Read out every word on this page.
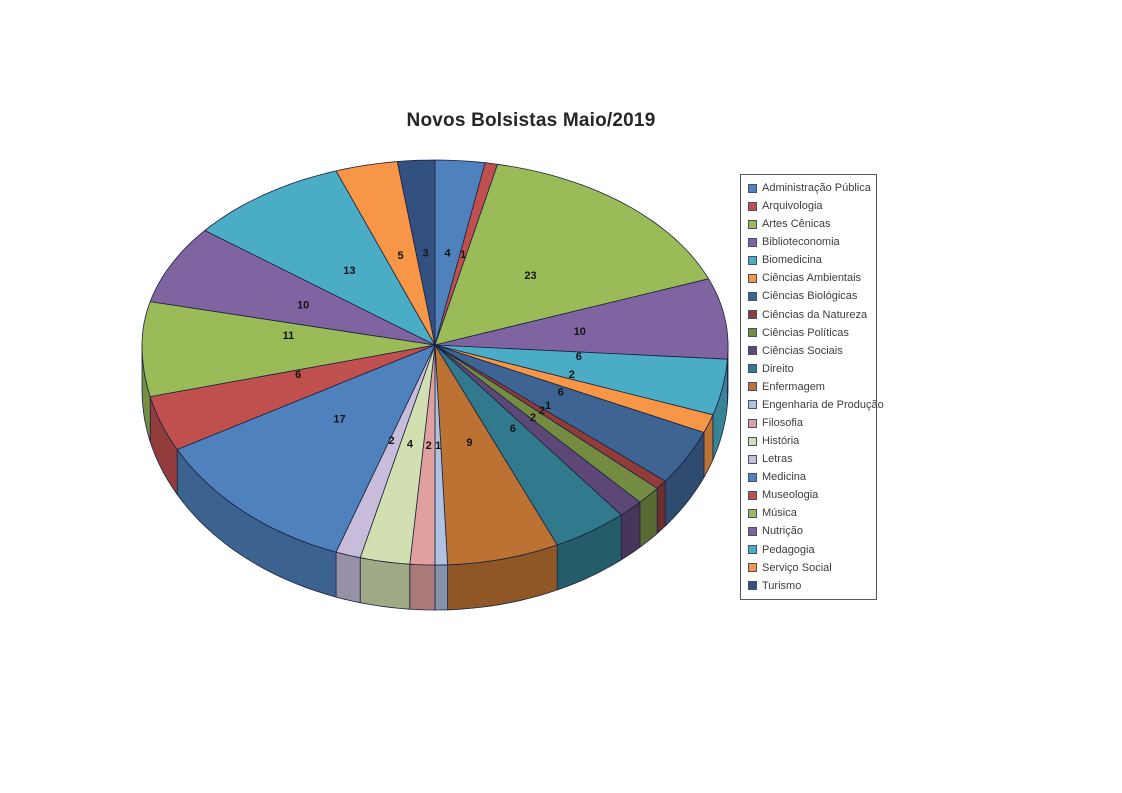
Novos Bolsistas Maio/2019
4 1
23
10
6
2
6
1
2
2
6
9
1
2
4
2
17
6
11
10
13
5 3
Administração Pública
Arquivologia
Artes Cênicas
Biblioteconomia
Biomedicina
Ciências Ambientais
Ciências Biológicas
Ciências da Natureza
Ciências Políticas
Ciências Sociais
Direito
Enfermagem
Engenharia de Produção
Filosofia
História
Letras
Medicina
Museologia
Música
Nutrição
Pedagogia
Serviço Social
Turismo
